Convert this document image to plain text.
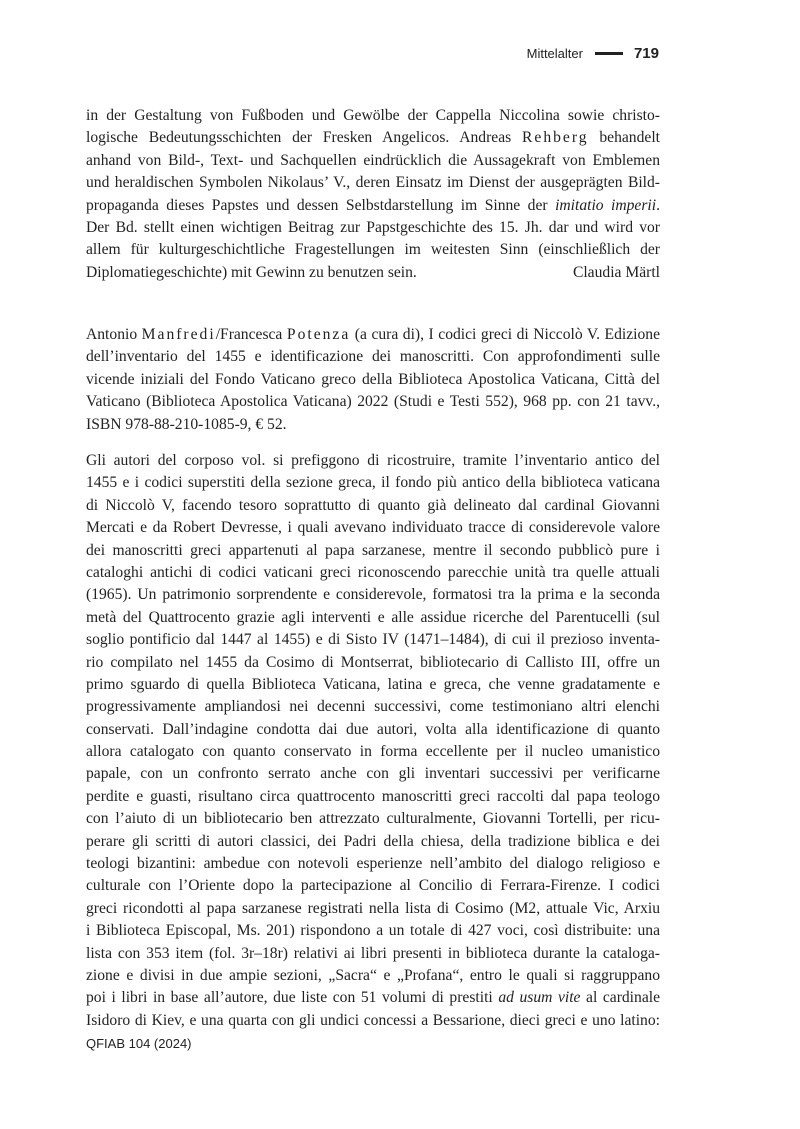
Mittelalter	719
in der Gestaltung von Fußboden und Gewölbe der Cappella Niccolina sowie christo-
logische Bedeutungsschichten der Fresken Angelicos. Andreas Rehberg behandelt
anhand von Bild-, Text- und Sachquellen eindrücklich die Aussagekraft von Emblemen
und heraldischen Symbolen Nikolaus’ V., deren Einsatz im Dienst der ausgeprägten Bild-
propaganda dieses Papstes und dessen Selbstdarstellung im Sinne der imitatio imperii.
Der Bd. stellt einen wichtigen Beitrag zur Papstgeschichte des 15. Jh. dar und wird vor
allem für kulturgeschichtliche Fragestellungen im weitesten Sinn (einschließlich der
Diplomatiegeschichte) mit Gewinn zu benutzen sein.	Claudia Märtl
Antonio Manfredi/Francesca Potenza (a cura di), I codici greci di Niccolò V. Edizione
dell’inventario del 1455 e identificazione dei manoscritti. Con approfondimenti sulle
vicende iniziali del Fondo Vaticano greco della Biblioteca Apostolica Vaticana, Città del
Vaticano (Biblioteca Apostolica Vaticana) 2022 (Studi e Testi 552), 968 pp. con 21 tavv.,
ISBN 978-88-210-1085-9, € 52.
Gli autori del corposo vol. si prefiggono di ricostruire, tramite l’inventario antico del
1455 e i codici superstiti della sezione greca, il fondo più antico della biblioteca vaticana
di Niccolò V, facendo tesoro soprattutto di quanto già delineato dal cardinal Giovanni
Mercati e da Robert Devresse, i quali avevano individuato tracce di considerevole valore
dei manoscritti greci appartenuti al papa sarzanese, mentre il secondo pubblicò pure i
cataloghi antichi di codici vaticani greci riconoscendo parecchie unità tra quelle attuali
(1965). Un patrimonio sorprendente e considerevole, formatosi tra la prima e la seconda
metà del Quattrocento grazie agli interventi e alle assidue ricerche del Parentucelli (sul
soglio pontificio dal 1447 al 1455) e di Sisto IV (1471–1484), di cui il prezioso inventa-
rio compilato nel 1455 da Cosimo di Montserrat, bibliotecario di Callisto III, offre un
primo sguardo di quella Biblioteca Vaticana, latina e greca, che venne gradatamente e
progressivamente ampliandosi nei decenni successivi, come testimoniano altri elenchi
conservati. Dall’indagine condotta dai due autori, volta alla identificazione di quanto
allora catalogato con quanto conservato in forma eccellente per il nucleo umanistico
papale, con un confronto serrato anche con gli inventari successivi per verificarne
perdite e guasti, risultano circa quattrocento manoscritti greci raccolti dal papa teologo
con l’aiuto di un bibliotecario ben attrezzato culturalmente, Giovanni Tortelli, per ricu-
perare gli scritti di autori classici, dei Padri della chiesa, della tradizione biblica e dei
teologi bizantini: ambedue con notevoli esperienze nell’ambito del dialogo religioso e
culturale con l’Oriente dopo la partecipazione al Concilio di Ferrara-Firenze. I codici
greci ricondotti al papa sarzanese registrati nella lista di Cosimo (M2, attuale Vic, Arxiu
i Biblioteca Episcopal, Ms. 201) rispondono a un totale di 427 voci, così distribuite: una
lista con 353 item (fol. 3r–18r) relativi ai libri presenti in biblioteca durante la cataloga-
zione e divisi in due ampie sezioni, „Sacra“ e „Profana“, entro le quali si raggruppano
poi i libri in base all’autore, due liste con 51 volumi di prestiti ad usum vite al cardinale
Isidoro di Kiev, e una quarta con gli undici concessi a Bessarione, dieci greci e uno latino:
QFIAB 104 (2024)
